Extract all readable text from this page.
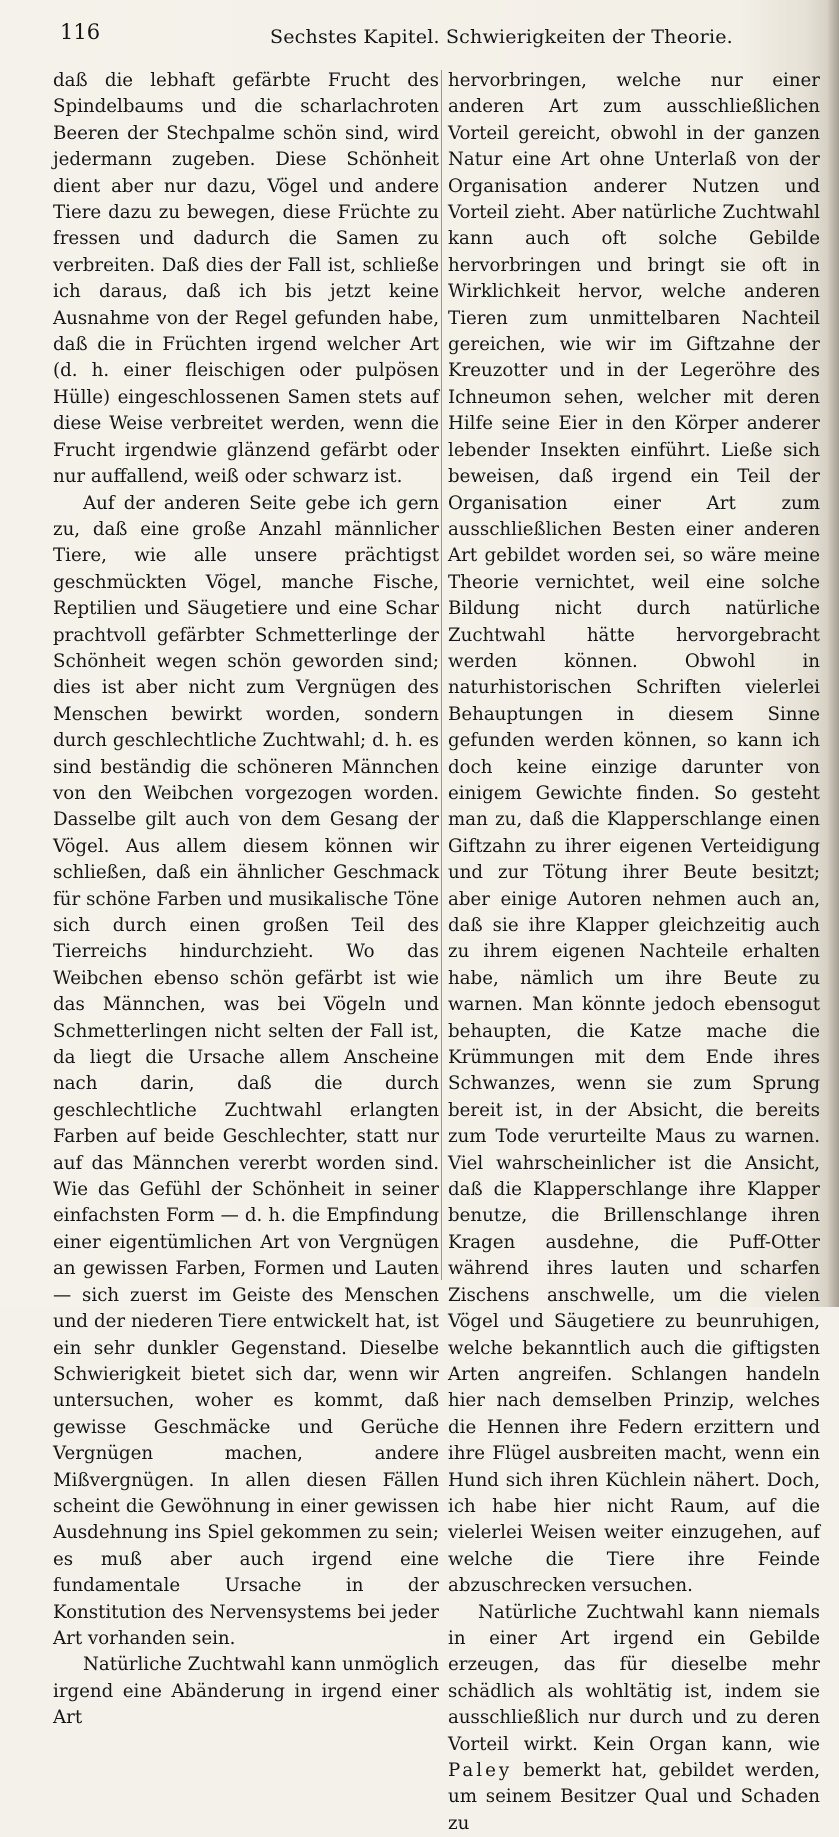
116	Sechstes Kapitel. Schwierigkeiten der Theorie.

daß die lebhaft gefärbte Frucht des Spindelbaums und die scharlachroten Beeren der Stechpalme schön sind, wird jedermann zugeben. Diese Schönheit dient aber nur dazu, Vögel und andere Tiere dazu zu bewegen, diese Früchte zu fressen und dadurch die Samen zu verbreiten. Daß dies der Fall ist, schließe ich daraus, daß ich bis jetzt keine Ausnahme von der Regel gefunden habe, daß die in Früchten irgend welcher Art (d. h. einer fleischigen oder pulpösen Hülle) eingeschlossenen Samen stets auf diese Weise verbreitet werden, wenn die Frucht irgendwie glänzend gefärbt oder nur auffallend, weiß oder schwarz ist.

Auf der anderen Seite gebe ich gern zu, daß eine große Anzahl männlicher Tiere, wie alle unsere prächtigst geschmückten Vögel, manche Fische, Reptilien und Säugetiere und eine Schar prachtvoll gefärbter Schmetterlinge der Schönheit wegen schön geworden sind; dies ist aber nicht zum Vergnügen des Menschen bewirkt worden, sondern durch geschlechtliche Zuchtwahl; d. h. es sind beständig die schöneren Männchen von den Weibchen vorgezogen worden. Dasselbe gilt auch von dem Gesang der Vögel. Aus allem diesem können wir schließen, daß ein ähnlicher Geschmack für schöne Farben und musikalische Töne sich durch einen großen Teil des Tierreichs hindurchzieht. Wo das Weibchen ebenso schön gefärbt ist wie das Männchen, was bei Vögeln und Schmetterlingen nicht selten der Fall ist, da liegt die Ursache allem Anscheine nach darin, daß die durch geschlechtliche Zuchtwahl erlangten Farben auf beide Geschlechter, statt nur auf das Männchen vererbt worden sind. Wie das Gefühl der Schönheit in seiner einfachsten Form — d. h. die Empfindung einer eigentümlichen Art von Vergnügen an gewissen Farben, Formen und Lauten — sich zuerst im Geiste des Menschen und der niederen Tiere entwickelt hat, ist ein sehr dunkler Gegenstand. Dieselbe Schwierigkeit bietet sich dar, wenn wir untersuchen, woher es kommt, daß gewisse Geschmäcke und Gerüche Vergnügen machen, andere Mißvergnügen. In allen diesen Fällen scheint die Gewöhnung in einer gewissen Ausdehnung ins Spiel gekommen zu sein; es muß aber auch irgend eine fundamentale Ursache in der Konstitution des Nervensystems bei jeder Art vorhanden sein.

Natürliche Zuchtwahl kann unmöglich irgend eine Abänderung in irgend einer Art

hervorbringen, welche nur einer anderen Art zum ausschließlichen Vorteil gereicht, obwohl in der ganzen Natur eine Art ohne Unterlaß von der Organisation anderer Nutzen und Vorteil zieht. Aber natürliche Zuchtwahl kann auch oft solche Gebilde hervorbringen und bringt sie oft in Wirklichkeit hervor, welche anderen Tieren zum unmittelbaren Nachteil gereichen, wie wir im Giftzahne der Kreuzotter und in der Legeröhre des Ichneumon sehen, welcher mit deren Hilfe seine Eier in den Körper anderer lebender Insekten einführt. Ließe sich beweisen, daß irgend ein Teil der Organisation einer Art zum ausschließlichen Besten einer anderen Art gebildet worden sei, so wäre meine Theorie vernichtet, weil eine solche Bildung nicht durch natürliche Zuchtwahl hätte hervorgebracht werden können. Obwohl in naturhistorischen Schriften vielerlei Behauptungen in diesem Sinne gefunden werden können, so kann ich doch keine einzige darunter von einigem Gewichte finden. So gesteht man zu, daß die Klapperschlange einen Giftzahn zu ihrer eigenen Verteidigung und zur Tötung ihrer Beute besitzt; aber einige Autoren nehmen auch an, daß sie ihre Klapper gleichzeitig auch zu ihrem eigenen Nachteile erhalten habe, nämlich um ihre Beute zu warnen. Man könnte jedoch ebensogut behaupten, die Katze mache die Krümmungen mit dem Ende ihres Schwanzes, wenn sie zum Sprung bereit ist, in der Absicht, die bereits zum Tode verurteilte Maus zu warnen. Viel wahrscheinlicher ist die Ansicht, daß die Klapperschlange ihre Klapper benutze, die Brillenschlange ihren Kragen ausdehne, die Puff-Otter während ihres lauten und scharfen Zischens anschwelle, um die vielen Vögel und Säugetiere zu beunruhigen, welche bekanntlich auch die giftigsten Arten angreifen. Schlangen handeln hier nach demselben Prinzip, welches die Hennen ihre Federn erzittern und ihre Flügel ausbreiten macht, wenn ein Hund sich ihren Küchlein nähert. Doch, ich habe hier nicht Raum, auf die vielerlei Weisen weiter einzugehen, auf welche die Tiere ihre Feinde abzuschrecken versuchen.

Natürliche Zuchtwahl kann niemals in einer Art irgend ein Gebilde erzeugen, das für dieselbe mehr schädlich als wohltätig ist, indem sie ausschließlich nur durch und zu deren Vorteil wirkt. Kein Organ kann, wie Paley bemerkt hat, gebildet werden, um seinem Besitzer Qual und Schaden zu
